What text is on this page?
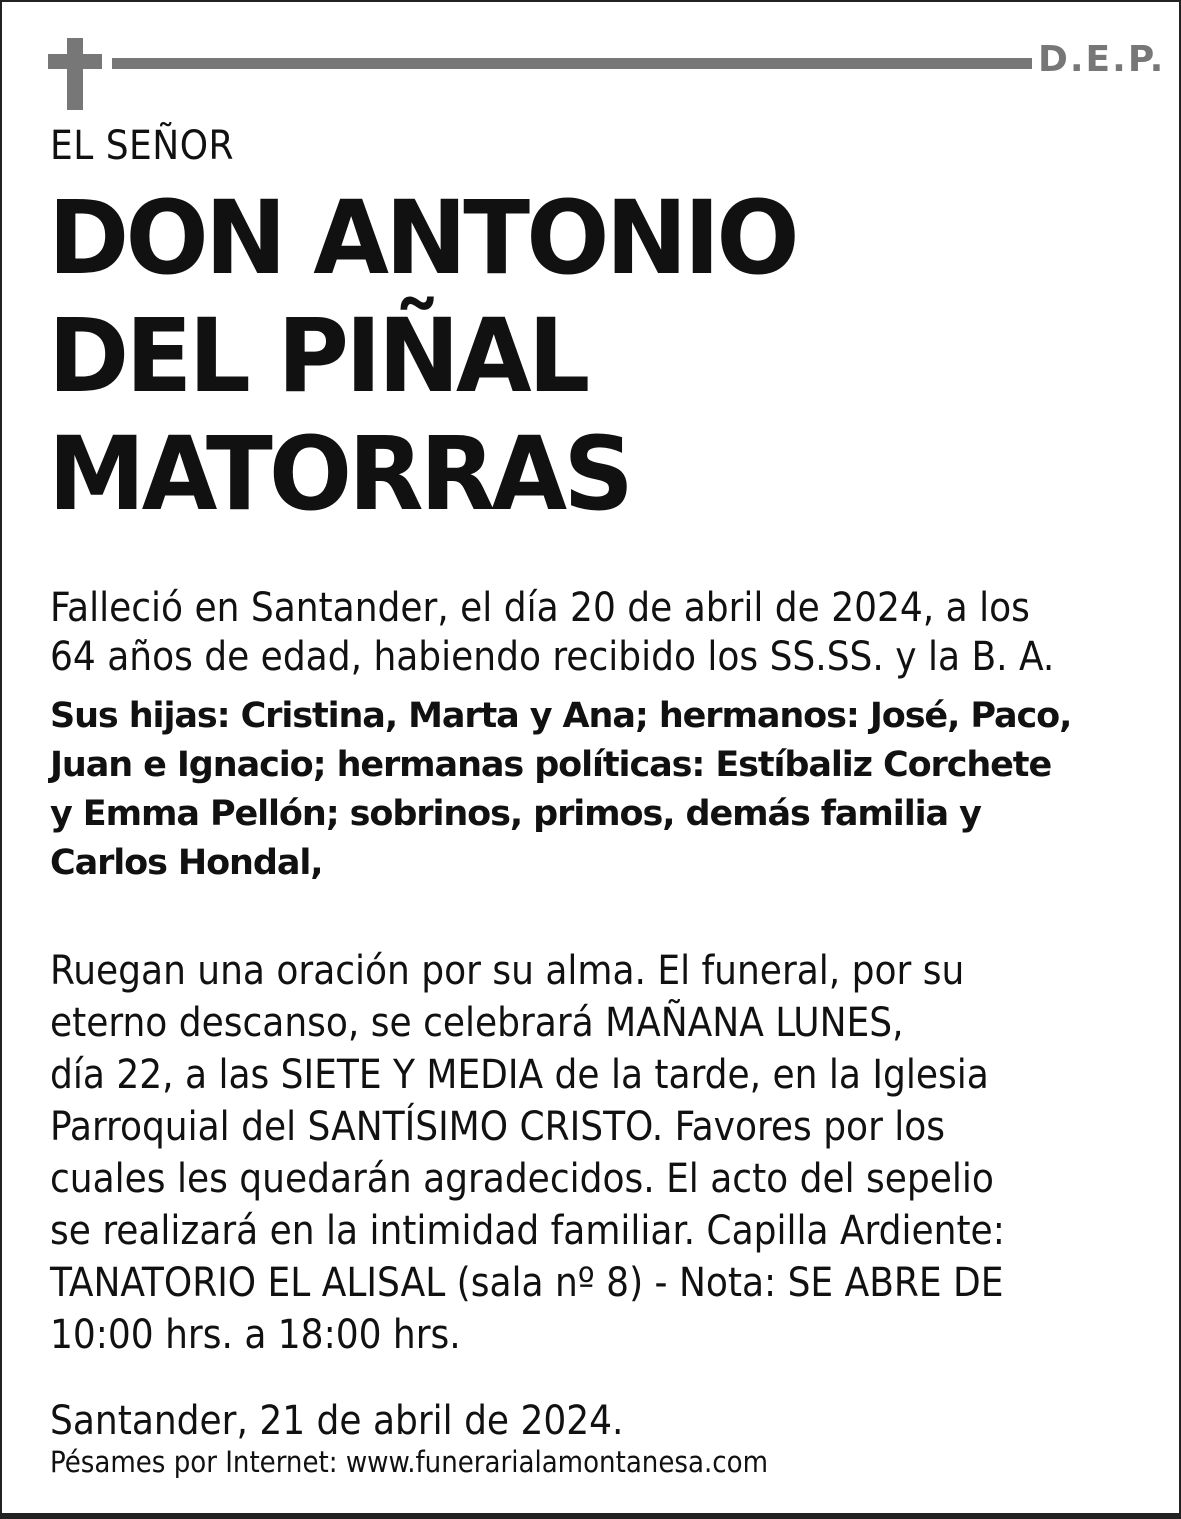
D.E.P.
EL SEÑOR
DON ANTONIO
DEL PIÑAL
MATORRAS
Falleció en Santander, el día 20 de abril de 2024, a los
64 años de edad, habiendo recibido los SS.SS. y la B. A.
Sus hijas: Cristina, Marta y Ana; hermanos: José, Paco,
Juan e Ignacio; hermanas políticas: Estíbaliz Corchete
y Emma Pellón; sobrinos, primos, demás familia y
Carlos Hondal,
Ruegan una oración por su alma. El funeral, por su
eterno descanso, se celebrará MAÑANA LUNES,
día 22, a las SIETE Y MEDIA de la tarde, en la Iglesia
Parroquial del SANTÍSIMO CRISTO. Favores por los
cuales les quedarán agradecidos. El acto del sepelio
se realizará en la intimidad familiar. Capilla Ardiente:
TANATORIO EL ALISAL (sala nº 8) - Nota: SE ABRE DE
10:00 hrs. a 18:00 hrs.
Santander, 21 de abril de 2024.
Pésames por Internet: www.funerarialamontanesa.com
